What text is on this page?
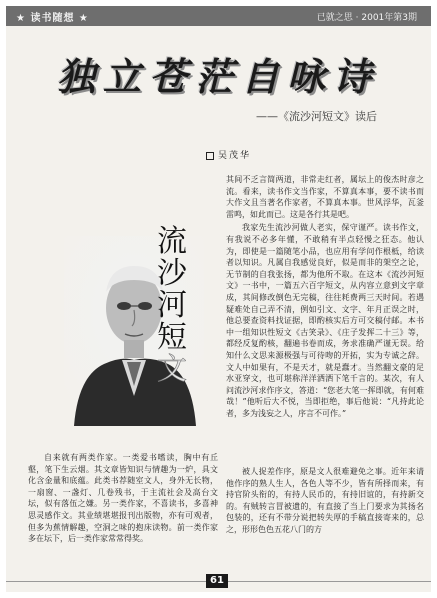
★ 读书随想 ★	已就之思 · 2001年第3期
独 立 苍 茫 自 咏 诗
——《流沙河短文》读后
吴茂华
流
沙
河
短
文

其间不乏言简两道，非常走红者，属坛上的俊杰时彦之流。看来，读书作文当作家，不算真本事，要不读书而大作文且当著名作家者，不算真本事。世风浮华，瓦釜雷鸣，如此而已。这是各行其是吧。

我家先生流沙河做人老实，保守谨严。读书作文，有我说不必多年懂，不敢稍有半点轻慢之狂态。他认为，即使是一篇随笔小品，也应用有学问作根柢，给读者以知识。凡属自我感觉良好，似是而非的架空之论，无节制的自我张扬，都为他所不取。在这本《流沙河短文》一书中，一篇五六百字短文，从内容立意到文字章成，其间修改倒色无完稿，往往耗费两三天时间。若遇疑难处自己弄不清，例如引文、文字、年月正误之时，他总要查资料找证据，即酌核实后方可交稿付邮。本书中一组知识性短文《古笑录》、《庄子发挥二十三》等，都经反复酌核，翻遍书卷而成，务求准确严谨无误。给知什么文思来源极强与可待吻的开拓，实为专诚之辞。文人中如果有，不是天才，就是蠢才。当然翻文豪的足水亚穿文，也可堪称洋洋洒洒下笔千言的。某次，有人问流沙河求作序文，答道：“您老大笔一挥即就，有何难哉！”他听后大不悦，当即拒绝，事后他说：“凡持此论者，多为浅妄之人，序言不可作。”

自来就有两类作家。一类爱书嗜读，胸中有丘壑，笔下生云烟。其文章皆知识与情趣为一炉，具文化含金量和底蕴。此类书荐随室文人，身外无长物，一扇窗、一盏灯、几卷残书，于主流社会及高台文坛，似有落伍之嫌。另一类作家，不喜读书，多喜神思灵感作文。其业绩堪堪报刊出版物，亦有可观者，但多为蕉情解趣，空洞之味的抱床读物。前一类作家多在坛下，后一类作家常常得奖。

被人捉差作序，原是文人很难避免之事。近年来请他作序的熟人生人，各色人等不少，皆有所择而来，有持官阶头衔的，有持人民币的，有持旧谊的，有持新交的。有贼转言冒被遗的，有直接了当上门要求为其扬名包装的，还有不带分说把转失厚的手稿直接寄来的，总之，形形色色五花八门的方

61
